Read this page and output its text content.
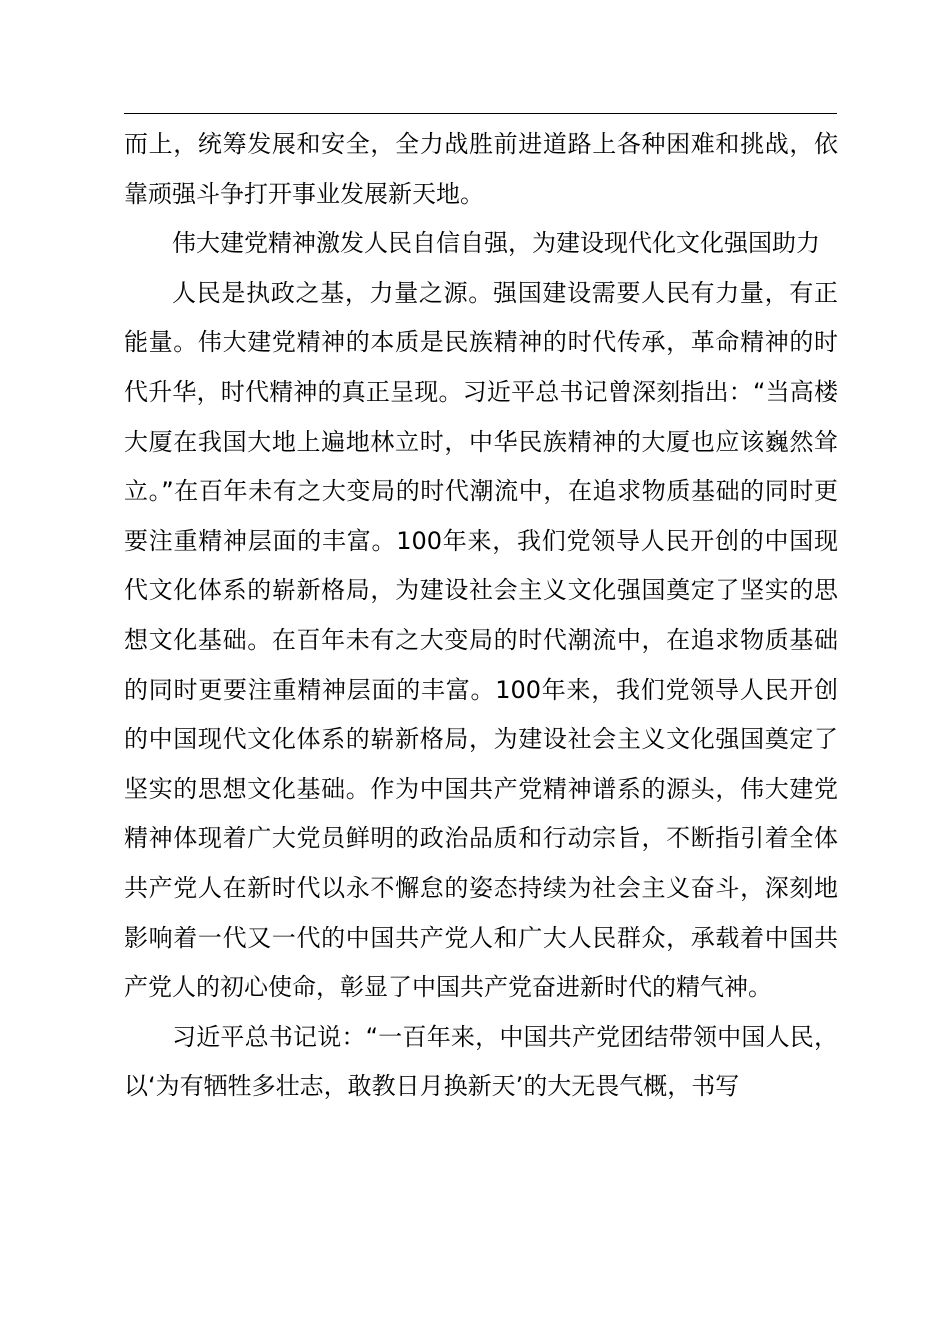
而上，统筹发展和安全，全力战胜前进道路上各种困难和挑战，依靠顽强斗争打开事业发展新天地。

伟大建党精神激发人民自信自强，为建设现代化文化强国助力

人民是执政之基，力量之源。强国建设需要人民有力量，有正能量。伟大建党精神的本质是民族精神的时代传承，革命精神的时代升华，时代精神的真正呈现。习近平总书记曾深刻指出：“当高楼大厦在我国大地上遍地林立时，中华民族精神的大厦也应该巍然耸立。”在百年未有之大变局的时代潮流中，在追求物质基础的同时更要注重精神层面的丰富。100年来，我们党领导人民开创的中国现代文化体系的崭新格局，为建设社会主义文化强国奠定了坚实的思想文化基础。在百年未有之大变局的时代潮流中，在追求物质基础的同时更要注重精神层面的丰富。100年来，我们党领导人民开创的中国现代文化体系的崭新格局，为建设社会主义文化强国奠定了坚实的思想文化基础。作为中国共产党精神谱系的源头，伟大建党精神体现着广大党员鲜明的政治品质和行动宗旨，不断指引着全体共产党人在新时代以永不懈怠的姿态持续为社会主义奋斗，深刻地影响着一代又一代的中国共产党人和广大人民群众，承载着中国共产党人的初心使命，彰显了中国共产党奋进新时代的精气神。

习近平总书记说：“一百年来，中国共产党团结带领中国人民，以‘为有牺牲多壮志，敢教日月换新天’的大无畏气概，书写
